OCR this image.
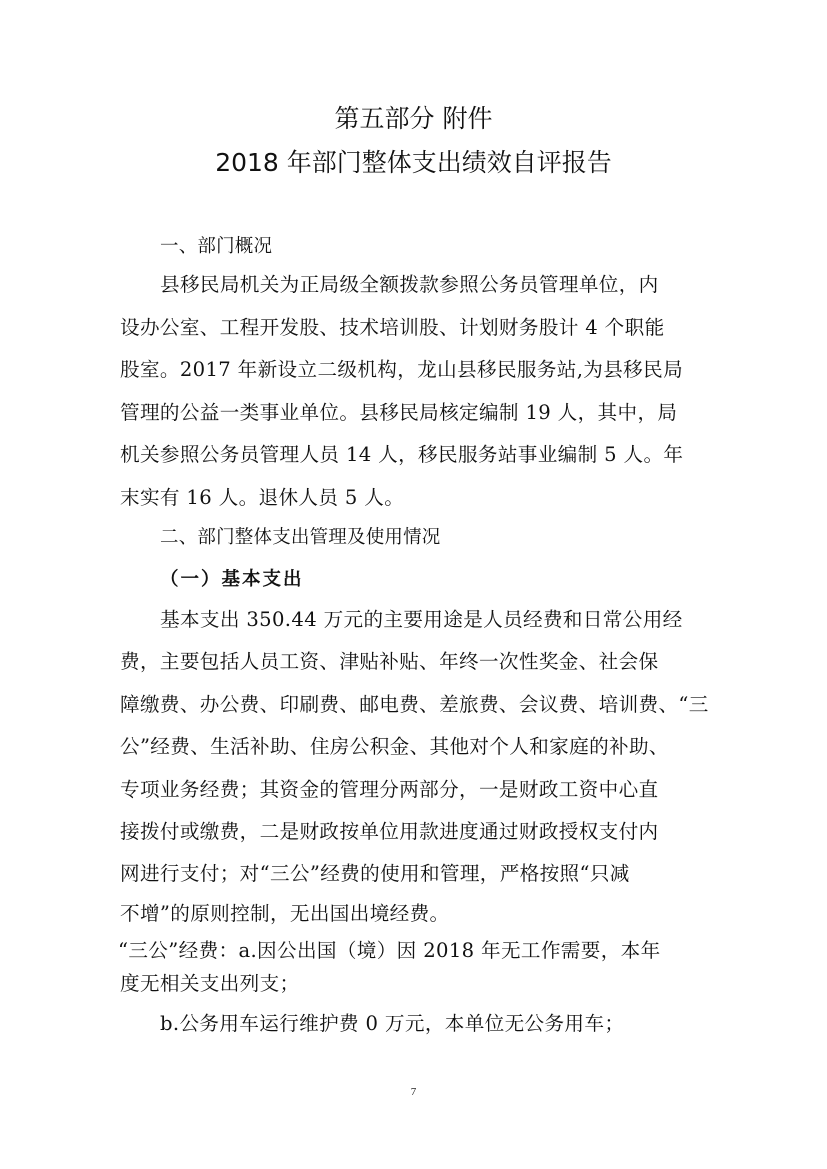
第五部分 附件
2018 年部门整体支出绩效自评报告
一、部门概况
县移民局机关为正局级全额拨款参照公务员管理单位，内
设办公室、工程开发股、技术培训股、计划财务股计 4 个职能
股室。2017 年新设立二级机构，龙山县移民服务站,为县移民局
管理的公益一类事业单位。县移民局核定编制 19 人，其中，局
机关参照公务员管理人员 14 人，移民服务站事业编制 5 人。年
末实有 16 人。退休人员 5 人。
二、部门整体支出管理及使用情况
（一）基本支出
基本支出 350.44 万元的主要用途是人员经费和日常公用经
费，主要包括人员工资、津贴补贴、年终一次性奖金、社会保
障缴费、办公费、印刷费、邮电费、差旅费、会议费、培训费、“三
公”经费、生活补助、住房公积金、其他对个人和家庭的补助、
专项业务经费；其资金的管理分两部分，一是财政工资中心直
接拨付或缴费，二是财政按单位用款进度通过财政授权支付内
网进行支付；对“三公”经费的使用和管理，严格按照“只减
不增”的原则控制，无出国出境经费。
“三公”经费：a.因公出国（境）因 2018 年无工作需要，本年
度无相关支出列支；
b.公务用车运行维护费 0 万元，本单位无公务用车；
7
